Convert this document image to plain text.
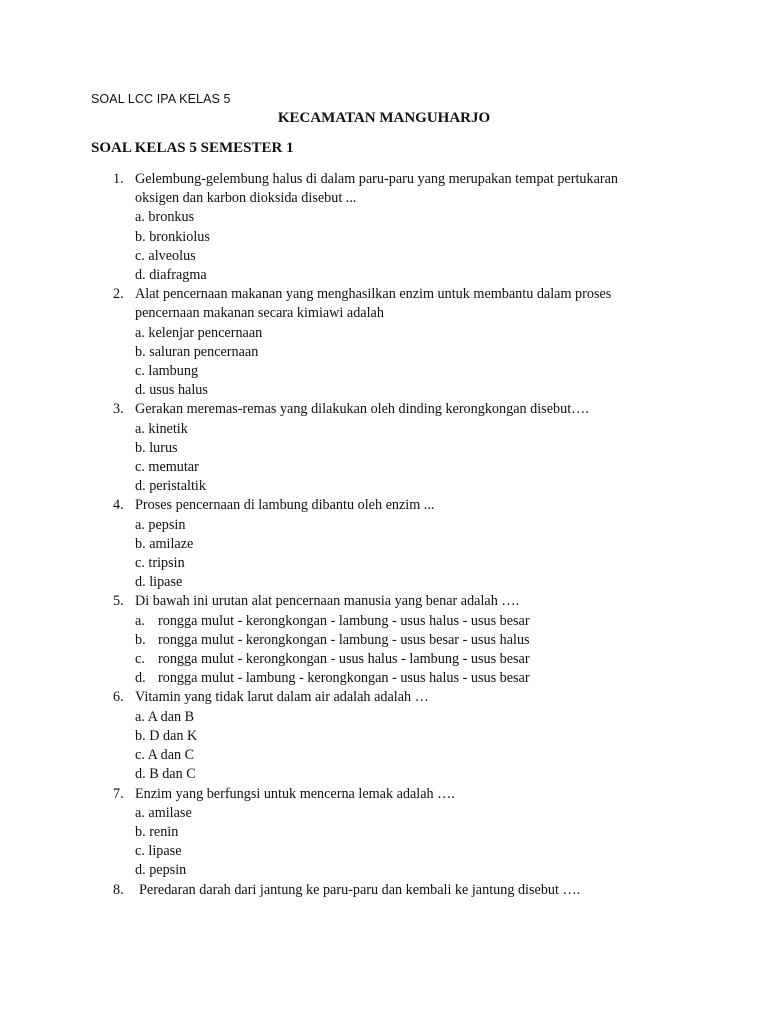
SOAL LCC IPA KELAS 5
KECAMATAN MANGUHARJO
SOAL KELAS 5 SEMESTER 1
1. Gelembung-gelembung halus di dalam paru-paru yang merupakan tempat pertukaran oksigen dan karbon dioksida disebut ...
a. bronkus
b. bronkiolus
c. alveolus
d. diafragma
2. Alat pencernaan makanan yang menghasilkan enzim untuk membantu dalam proses pencernaan makanan secara kimiawi adalah
a. kelenjar pencernaan
b. saluran pencernaan
c. lambung
d. usus halus
3. Gerakan meremas-remas yang dilakukan oleh dinding kerongkongan disebut….
a. kinetik
b. lurus
c. memutar
d. peristaltik
4. Proses pencernaan di lambung dibantu oleh enzim ...
a. pepsin
b. amilaze
c. tripsin
d. lipase
5. Di bawah ini urutan alat pencernaan manusia yang benar adalah ….
a. rongga mulut - kerongkongan - lambung - usus halus - usus besar
b. rongga mulut - kerongkongan - lambung - usus besar - usus halus
c. rongga mulut - kerongkongan - usus halus - lambung - usus besar
d. rongga mulut - lambung - kerongkongan - usus halus - usus besar
6. Vitamin yang tidak larut dalam air adalah adalah …
a. A dan B
b. D dan K
c. A dan C
d. B dan C
7. Enzim yang berfungsi untuk mencerna lemak adalah ….
a. amilase
b. renin
c. lipase
d. pepsin
8. Peredaran darah dari jantung ke paru-paru dan kembali ke jantung disebut ….
